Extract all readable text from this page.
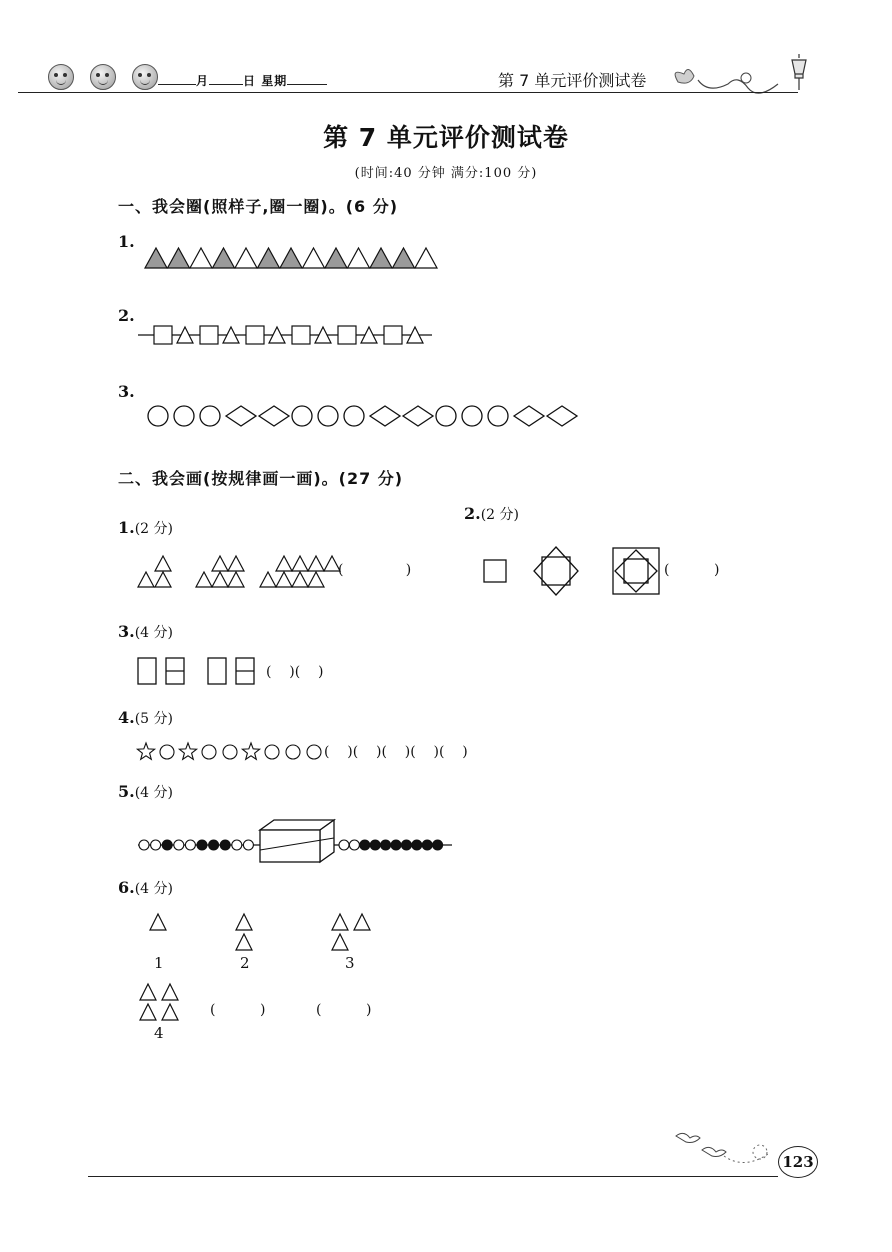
月	日 星期	第 7 单元评价测试卷
第 7 单元评价测试卷
(时间:40 分钟 满分:100 分)
一、我会圈(照样子,圈一圈)。(6 分)
1.
2.
3.
二、我会画(按规律画一画)。(27 分)
1.(2 分)
(              )
2.(2 分)
(          )
3.(4 分)
(    )(    )
4.(5 分)
(    )(    )(    )(    )(    )
5.(4 分)
6.(4 分)
1	2	3
4
(          )	(          )
123
